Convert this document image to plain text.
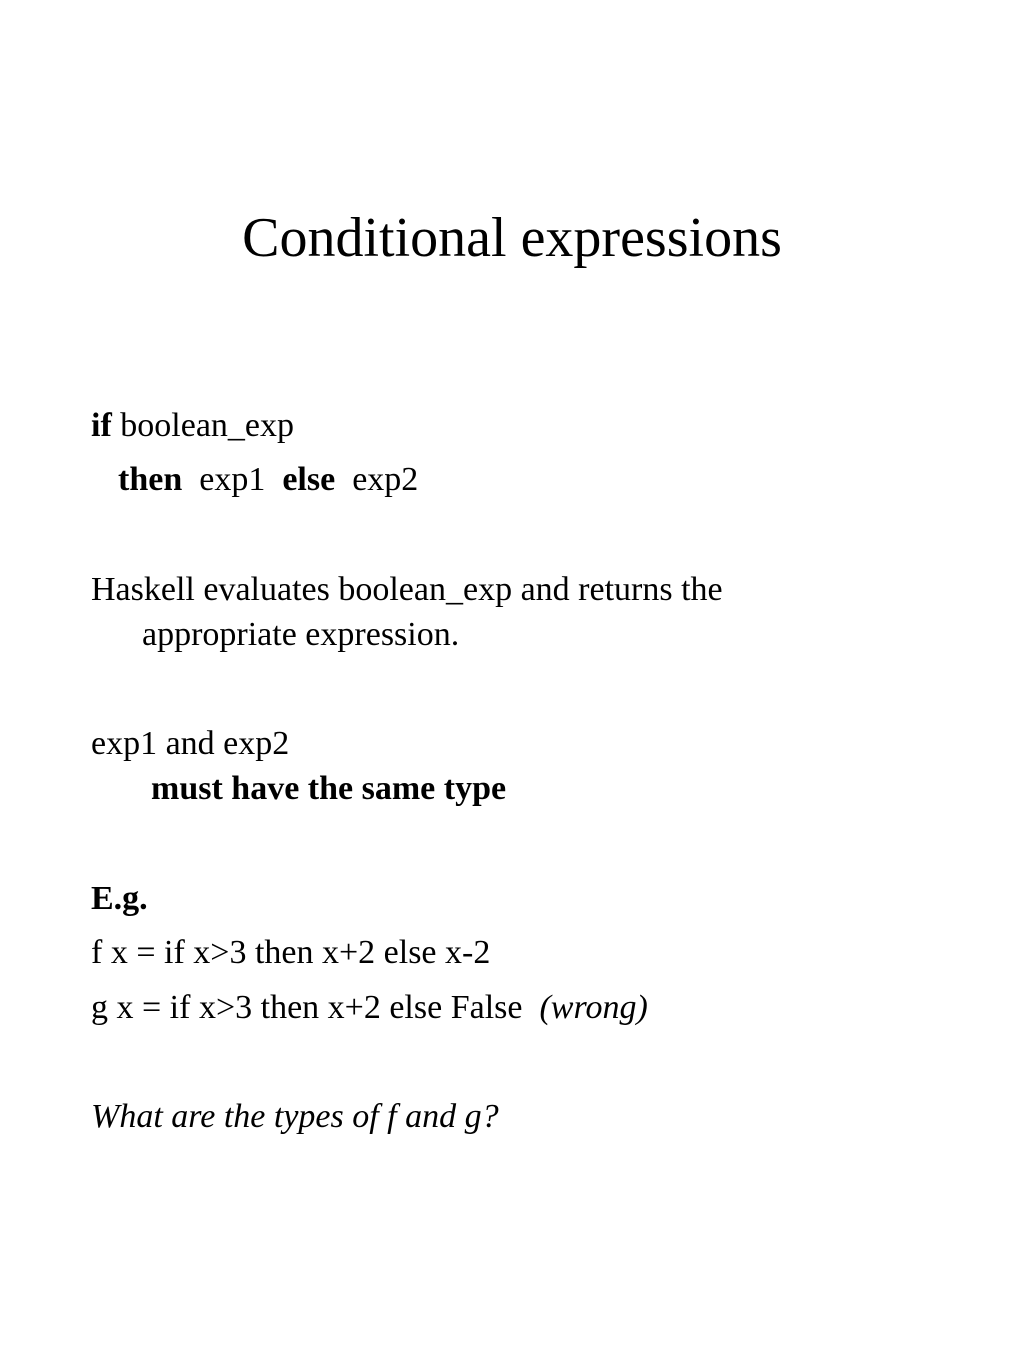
Conditional expressions

if boolean_exp

then  exp1  else  exp2

Haskell evaluates boolean_exp and returns the

appropriate expression.

exp1 and exp2

must have the same type

E.g.

f x = if x>3 then x+2 else x-2

g x = if x>3 then x+2 else False  (wrong)

What are the types of f and g?
